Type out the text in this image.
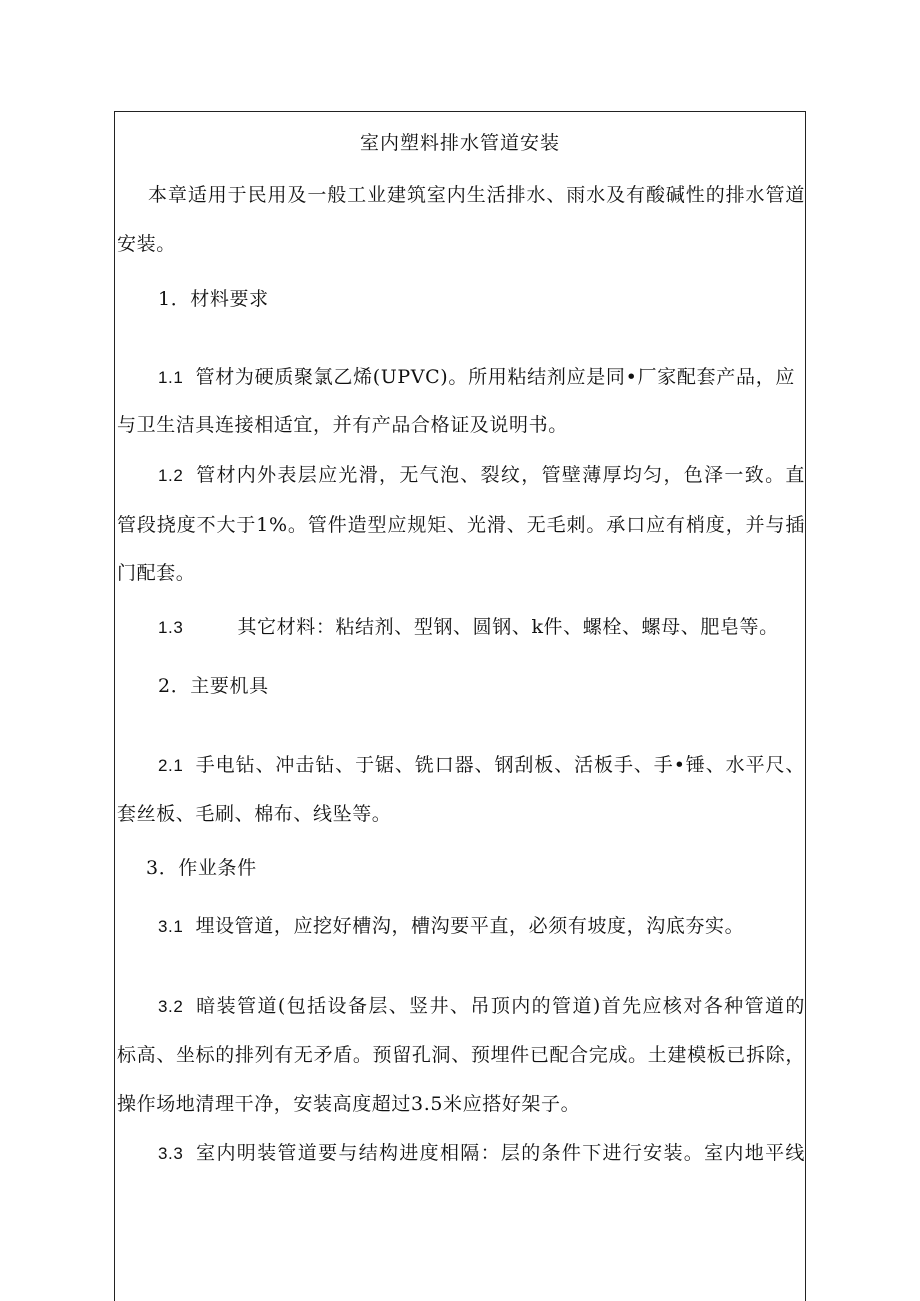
室内塑料排水管道安装
本章适用于民用及一般工业建筑室内生活排水、雨水及有酸碱性的排水管道
安装。
1．材料要求
1.1 管材为硬质聚氯乙烯(UPVC)。所用粘结剂应是同•厂家配套产品，应
与卫生洁具连接相适宜，并有产品合格证及说明书。
1.2 管材内外表层应光滑，无气泡、裂纹，管壁薄厚均匀，色泽一致。直
管段挠度不大于1%。管件造型应规矩、光滑、无毛刺。承口应有梢度，并与插
门配套。
1.3	其它材料：粘结剂、型钢、圆钢、k件、螺栓、螺母、肥皂等。
2．主要机具
2.1 手电钻、冲击钻、于锯、铣口器、钢刮板、活板手、手•锤、水平尺、
套丝板、毛刷、棉布、线坠等。
3．作业条件
3.1 埋设管道，应挖好槽沟，槽沟要平直，必须有坡度，沟底夯实。
3.2 暗装管道(包括设备层、竖井、吊顶内的管道)首先应核对各种管道的
标高、坐标的排列有无矛盾。预留孔洞、预埋件已配合完成。土建模板已拆除，
操作场地清理干净，安装高度超过3.5米应搭好架子。
3.3 室内明装管道要与结构进度相隔：层的条件下进行安装。室内地平线
